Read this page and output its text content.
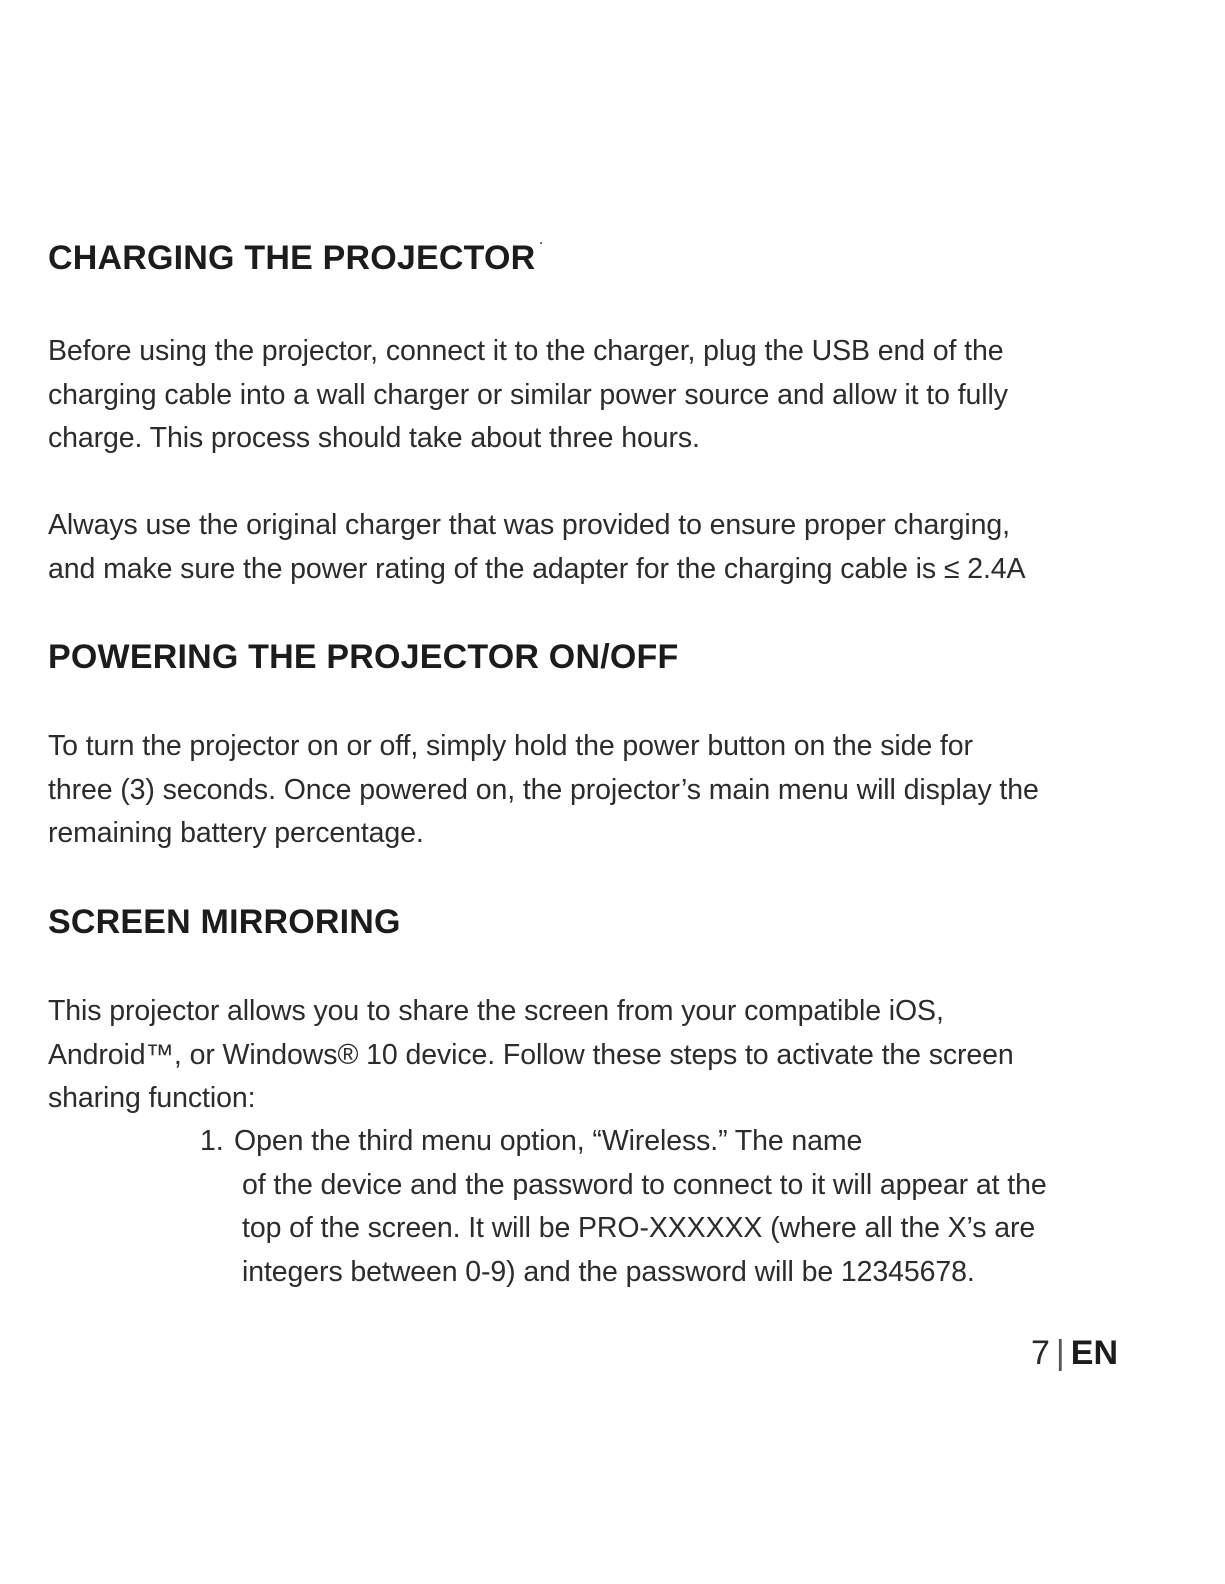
CHARGING THE PROJECTOR

Before using the projector, connect it to the charger, plug the USB end of the
charging cable into a wall charger or similar power source and allow it to fully
charge. This process should take about three hours.

Always use the original charger that was provided to ensure proper charging,
and make sure the power rating of the adapter for the charging cable is ≤ 2.4A

POWERING THE PROJECTOR ON/OFF

To turn the projector on or off, simply hold the power button on the side for
three (3) seconds. Once powered on, the projector’s main menu will display the
remaining battery percentage.

SCREEN MIRRORING

This projector allows you to share the screen from your compatible iOS,
Android™, or Windows® 10 device. Follow these steps to activate the screen
sharing function:

1. Open the third menu option, “Wireless.” The name
of the device and the password to connect to it will appear at the
top of the screen. It will be PRO-XXXXXX (where all the X’s are
integers between 0-9) and the password will be 12345678.
7 | EN
